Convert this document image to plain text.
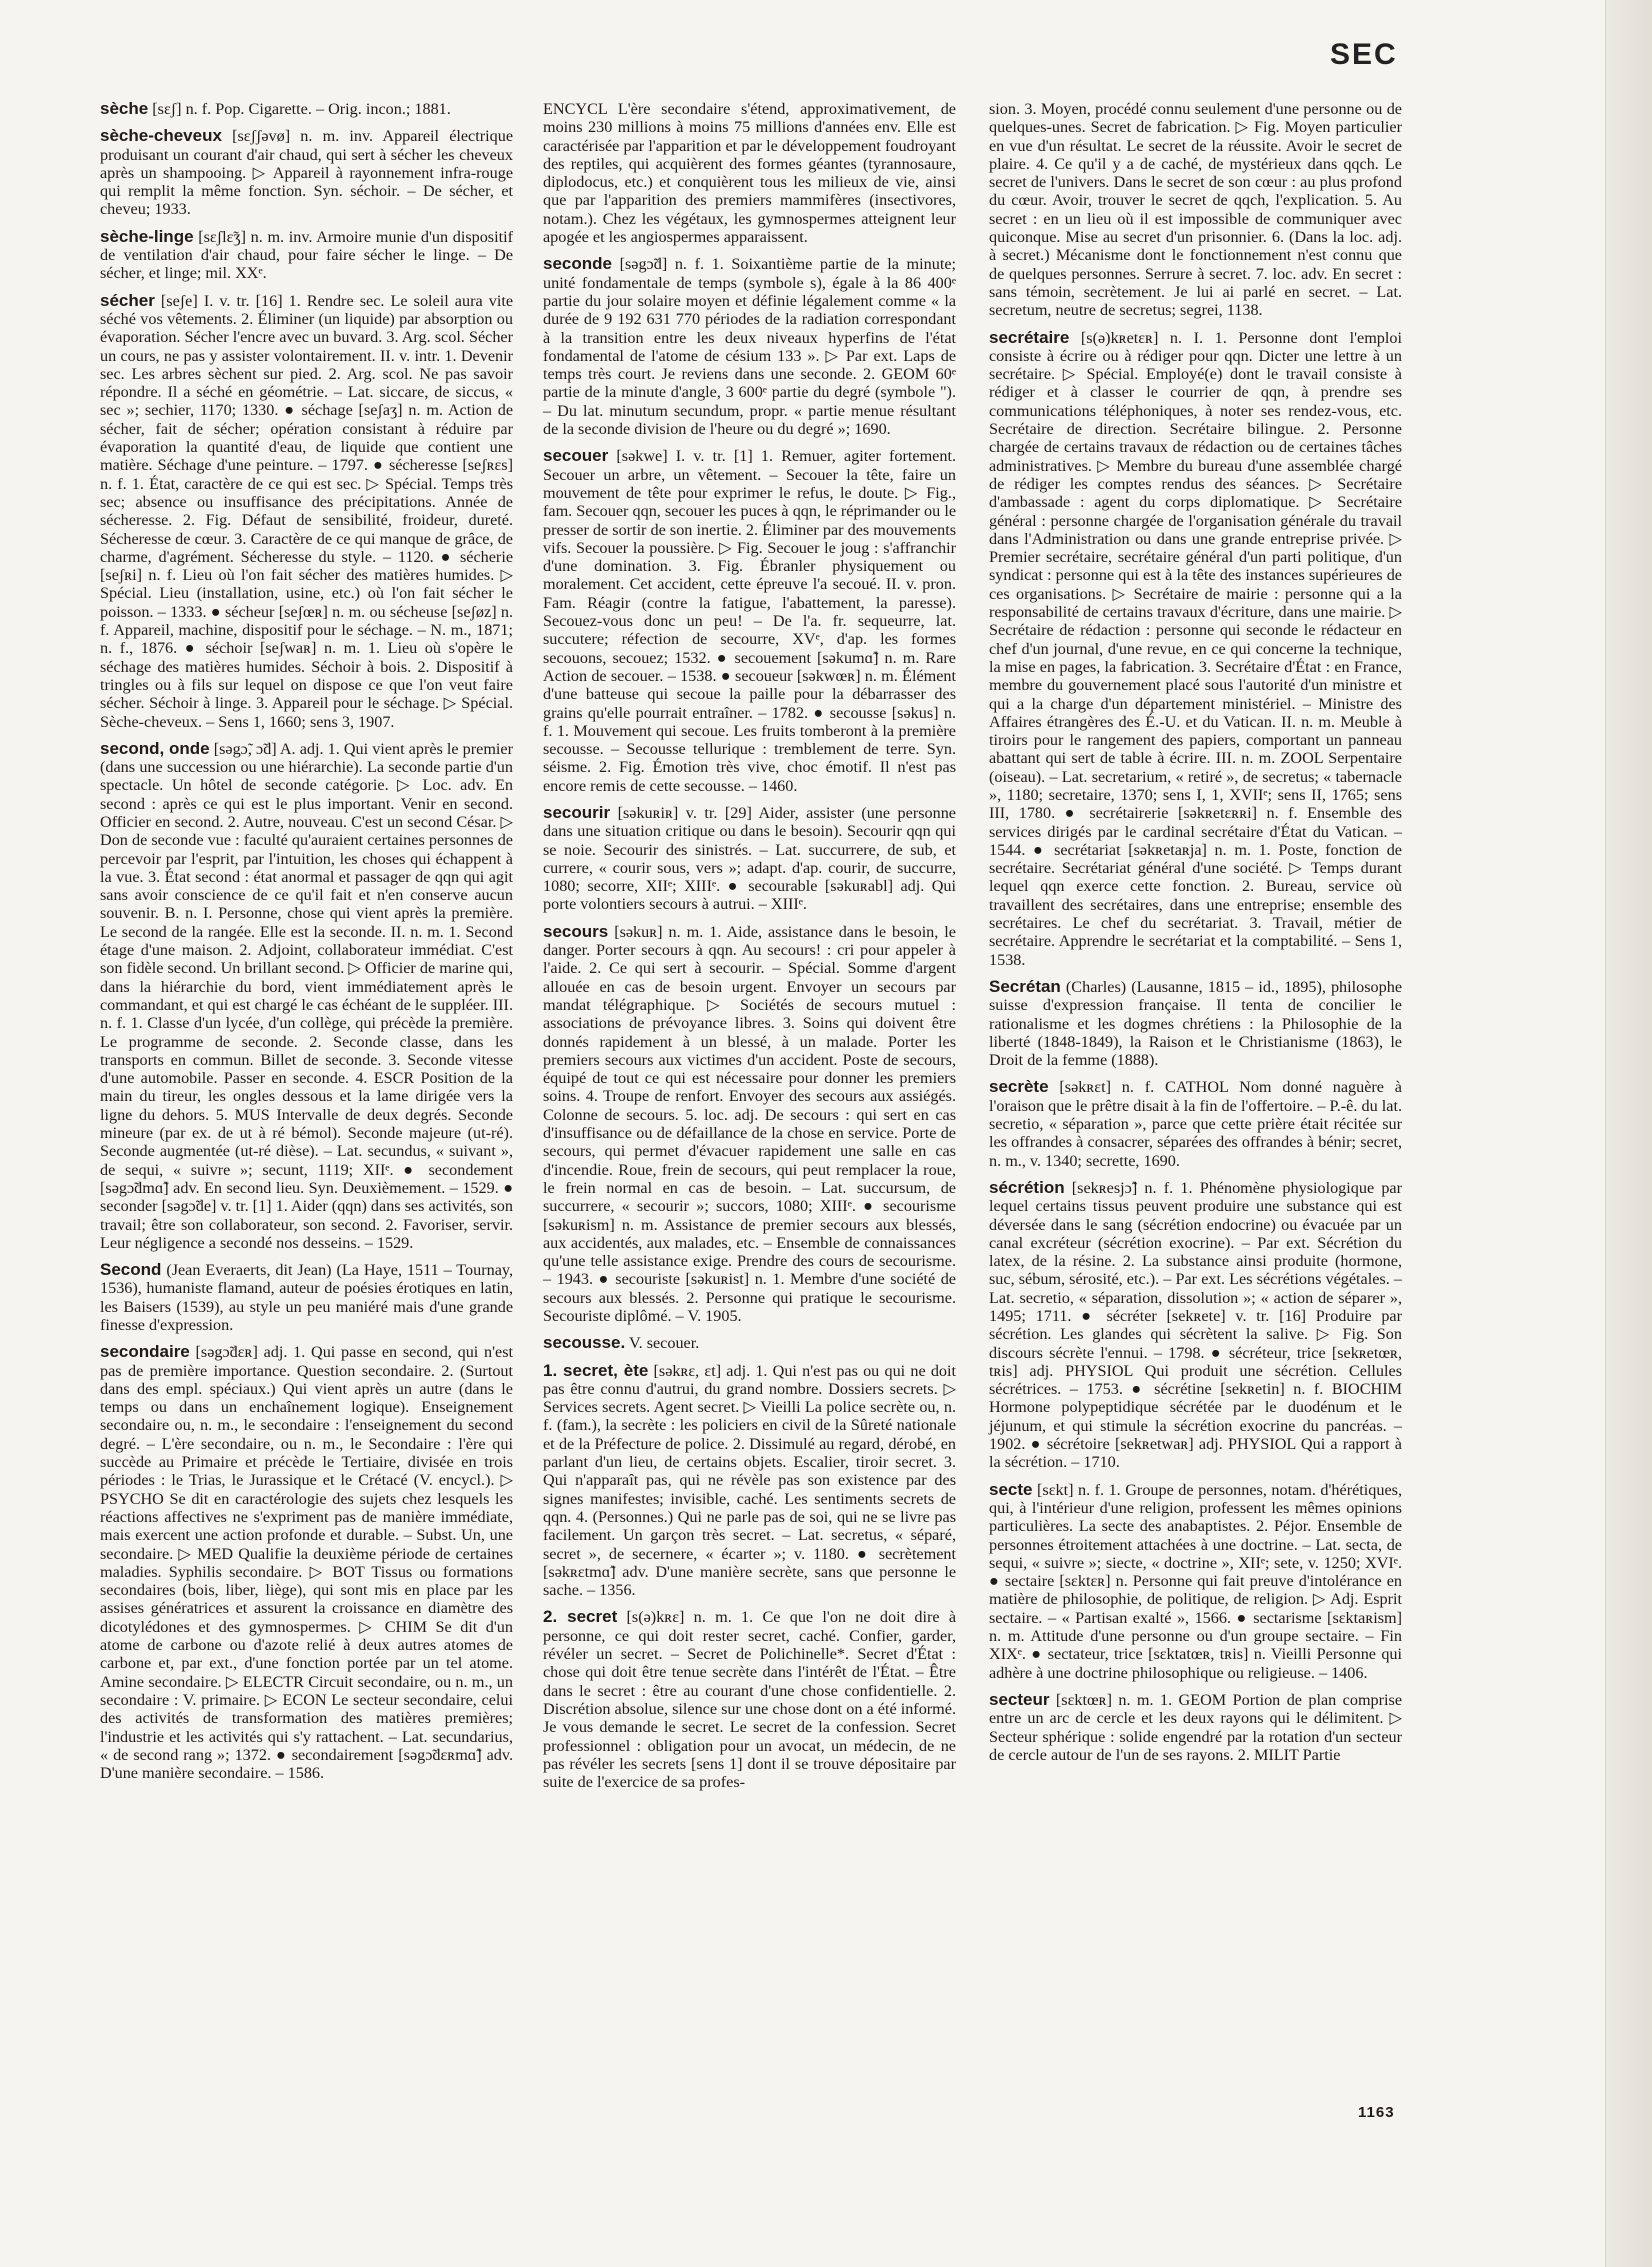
SEC

sèche [sɛʃ] n. f. Pop. Cigarette. – Orig. incon.; 1881.

sèche-cheveux [sɛʃʃəvø] n. m. inv. Appareil électrique produisant un courant d'air chaud, qui sert à sécher les cheveux après un shampooing. ▷ Appareil à rayonnement infra-rouge qui remplit la même fonction. Syn. séchoir. – De sécher, et cheveu; 1933.

sèche-linge [sɛʃlɛ̃ʒ] n. m. inv. Armoire munie d'un dispositif de ventilation d'air chaud, pour faire sécher le linge. – De sécher, et linge; mil. XXᵉ.

sécher [seʃe] I. v. tr. [16] 1. Rendre sec. Le soleil aura vite séché vos vêtements. 2. Éliminer (un liquide) par absorption ou évaporation. Sécher l'encre avec un buvard. 3. Arg. scol. Sécher un cours, ne pas y assister volontairement. II. v. intr. 1. Devenir sec. Les arbres sèchent sur pied. 2. Arg. scol. Ne pas savoir répondre. Il a séché en géométrie. – Lat. siccare, de siccus, « sec »; sechier, 1170; 1330. ● séchage [seʃaʒ] n. m. Action de sécher, fait de sécher; opération consistant à réduire par évaporation la quantité d'eau, de liquide que contient une matière. Séchage d'une peinture. – 1797. ● sécheresse [seʃʀɛs] n. f. 1. État, caractère de ce qui est sec. ▷ Spécial. Temps très sec; absence ou insuffisance des précipitations. Année de sécheresse. 2. Fig. Défaut de sensibilité, froideur, dureté. Sécheresse de cœur. 3. Caractère de ce qui manque de grâce, de charme, d'agrément. Sécheresse du style. – 1120. ● sécherie [seʃʀi] n. f. Lieu où l'on fait sécher des matières humides. ▷ Spécial. Lieu (installation, usine, etc.) où l'on fait sécher le poisson. – 1333. ● sécheur [seʃœʀ] n. m. ou sécheuse [seʃøz] n. f. Appareil, machine, dispositif pour le séchage. – N. m., 1871; n. f., 1876. ● séchoir [seʃwaʀ] n. m. 1. Lieu où s'opère le séchage des matières humides. Séchoir à bois. 2. Dispositif à tringles ou à fils sur lequel on dispose ce que l'on veut faire sécher. Séchoir à linge. 3. Appareil pour le séchage. ▷ Spécial. Sèche-cheveux. – Sens 1, 1660; sens 3, 1907.

second, onde [səgɔ̃, ɔ̃d] A. adj. 1. Qui vient après le premier (dans une succession ou une hiérarchie). La seconde partie d'un spectacle. Un hôtel de seconde catégorie. ▷ Loc. adv. En second : après ce qui est le plus important. Venir en second. Officier en second. 2. Autre, nouveau. C'est un second César. ▷ Don de seconde vue : faculté qu'auraient certaines personnes de percevoir par l'esprit, par l'intuition, les choses qui échappent à la vue. 3. État second : état anormal et passager de qqn qui agit sans avoir conscience de ce qu'il fait et n'en conserve aucun souvenir. B. n. I. Personne, chose qui vient après la première. Le second de la rangée. Elle est la seconde. II. n. m. 1. Second étage d'une maison. 2. Adjoint, collaborateur immédiat. C'est son fidèle second. Un brillant second. ▷ Officier de marine qui, dans la hiérarchie du bord, vient immédiatement après le commandant, et qui est chargé le cas échéant de le suppléer. III. n. f. 1. Classe d'un lycée, d'un collège, qui précède la première. Le programme de seconde. 2. Seconde classe, dans les transports en commun. Billet de seconde. 3. Seconde vitesse d'une automobile. Passer en seconde. 4. ESCR Position de la main du tireur, les ongles dessous et la lame dirigée vers la ligne du dehors. 5. MUS Intervalle de deux degrés. Seconde mineure (par ex. de ut à ré bémol). Seconde majeure (ut-ré). Seconde augmentée (ut-ré dièse). – Lat. secundus, « suivant », de sequi, « suivre »; secunt, 1119; XIIᵉ. ● secondement [səgɔ̃dmɑ̃] adv. En second lieu. Syn. Deuxièmement. – 1529. ● seconder [səgɔ̃de] v. tr. [1] 1. Aider (qqn) dans ses activités, son travail; être son collaborateur, son second. 2. Favoriser, servir. Leur négligence a secondé nos desseins. – 1529.

Second (Jean Everaerts, dit Jean) (La Haye, 1511 – Tournay, 1536), humaniste flamand, auteur de poésies érotiques en latin, les Baisers (1539), au style un peu maniéré mais d'une grande finesse d'expression.

secondaire [səgɔ̃dɛʀ] adj. 1. Qui passe en second, qui n'est pas de première importance. Question secondaire. 2. (Surtout dans des empl. spéciaux.) Qui vient après un autre (dans le temps ou dans un enchaînement logique). Enseignement secondaire ou, n. m., le secondaire : l'enseignement du second degré. – L'ère secondaire, ou n. m., le Secondaire : l'ère qui succède au Primaire et précède le Tertiaire, divisée en trois périodes : le Trias, le Jurassique et le Crétacé (V. encycl.). ▷ PSYCHO Se dit en caractérologie des sujets chez lesquels les réactions affectives ne s'expriment pas de manière immédiate, mais exercent une action profonde et durable. – Subst. Un, une secondaire. ▷ MED Qualifie la deuxième période de certaines maladies. Syphilis secondaire. ▷ BOT Tissus ou formations secondaires (bois, liber, liège), qui sont mis en place par les assises génératrices et assurent la croissance en diamètre des dicotylédones et des gymnospermes. ▷ CHIM Se dit d'un atome de carbone ou d'azote relié à deux autres atomes de carbone et, par ext., d'une fonction portée par un tel atome. Amine secondaire. ▷ ELECTR Circuit secondaire, ou n. m., un secondaire : V. primaire. ▷ ECON Le secteur secondaire, celui des activités de transformation des matières premières; l'industrie et les activités qui s'y rattachent. – Lat. secundarius, « de second rang »; 1372. ● secondairement [səgɔ̃dɛʀmɑ̃] adv. D'une manière secondaire. – 1586.

ENCYCL L'ère secondaire s'étend, approximativement, de moins 230 millions à moins 75 millions d'années env. Elle est caractérisée par l'apparition et par le développement foudroyant des reptiles, qui acquièrent des formes géantes (tyrannosaure, diplodocus, etc.) et conquièrent tous les milieux de vie, ainsi que par l'apparition des premiers mammifères (insectivores, notam.). Chez les végétaux, les gymnospermes atteignent leur apogée et les angiospermes apparaissent.

seconde [səgɔ̃d] n. f. 1. Soixantième partie de la minute; unité fondamentale de temps (symbole s), égale à la 86 400ᵉ partie du jour solaire moyen et définie légalement comme « la durée de 9 192 631 770 périodes de la radiation correspondant à la transition entre les deux niveaux hyperfins de l'état fondamental de l'atome de césium 133 ». ▷ Par ext. Laps de temps très court. Je reviens dans une seconde. 2. GEOM 60ᵉ partie de la minute d'angle, 3 600ᵉ partie du degré (symbole "). – Du lat. minutum secundum, propr. « partie menue résultant de la seconde division de l'heure ou du degré »; 1690.

secouer [səkwe] I. v. tr. [1] 1. Remuer, agiter fortement. Secouer un arbre, un vêtement. – Secouer la tête, faire un mouvement de tête pour exprimer le refus, le doute. ▷ Fig., fam. Secouer qqn, secouer les puces à qqn, le réprimander ou le presser de sortir de son inertie. 2. Éliminer par des mouvements vifs. Secouer la poussière. ▷ Fig. Secouer le joug : s'affranchir d'une domination. 3. Fig. Ébranler physiquement ou moralement. Cet accident, cette épreuve l'a secoué. II. v. pron. Fam. Réagir (contre la fatigue, l'abattement, la paresse). Secouez-vous donc un peu! – De l'a. fr. sequeurre, lat. succutere; réfection de secourre, XVᵉ, d'ap. les formes secouons, secouez; 1532. ● secouement [səkumɑ̃] n. m. Rare Action de secouer. – 1538. ● secoueur [səkwœʀ] n. m. Élément d'une batteuse qui secoue la paille pour la débarrasser des grains qu'elle pourrait entraîner. – 1782. ● secousse [səkus] n. f. 1. Mouvement qui secoue. Les fruits tomberont à la première secousse. – Secousse tellurique : tremblement de terre. Syn. séisme. 2. Fig. Émotion très vive, choc émotif. Il n'est pas encore remis de cette secousse. – 1460.

secourir [səkuʀiʀ] v. tr. [29] Aider, assister (une personne dans une situation critique ou dans le besoin). Secourir qqn qui se noie. Secourir des sinistrés. – Lat. succurrere, de sub, et currere, « courir sous, vers »; adapt. d'ap. courir, de succurre, 1080; secorre, XIIᵉ; XIIIᵉ. ● secourable [səkuʀabl] adj. Qui porte volontiers secours à autrui. – XIIIᵉ.

secours [səkuʀ] n. m. 1. Aide, assistance dans le besoin, le danger. Porter secours à qqn. Au secours! : cri pour appeler à l'aide. 2. Ce qui sert à secourir. – Spécial. Somme d'argent allouée en cas de besoin urgent. Envoyer un secours par mandat télégraphique. ▷ Sociétés de secours mutuel : associations de prévoyance libres. 3. Soins qui doivent être donnés rapidement à un blessé, à un malade. Porter les premiers secours aux victimes d'un accident. Poste de secours, équipé de tout ce qui est nécessaire pour donner les premiers soins. 4. Troupe de renfort. Envoyer des secours aux assiégés. Colonne de secours. 5. loc. adj. De secours : qui sert en cas d'insuffisance ou de défaillance de la chose en service. Porte de secours, qui permet d'évacuer rapidement une salle en cas d'incendie. Roue, frein de secours, qui peut remplacer la roue, le frein normal en cas de besoin. – Lat. succursum, de succurrere, « secourir »; succors, 1080; XIIIᵉ. ● secourisme [səkuʀism] n. m. Assistance de premier secours aux blessés, aux accidentés, aux malades, etc. – Ensemble de connaissances qu'une telle assistance exige. Prendre des cours de secourisme. – 1943. ● secouriste [səkuʀist] n. 1. Membre d'une société de secours aux blessés. 2. Personne qui pratique le secourisme. Secouriste diplômé. – V. 1905.

secousse. V. secouer.

1. secret, ète [səkʀɛ, ɛt] adj. 1. Qui n'est pas ou qui ne doit pas être connu d'autrui, du grand nombre. Dossiers secrets. ▷ Services secrets. Agent secret. ▷ Vieilli La police secrète ou, n. f. (fam.), la secrète : les policiers en civil de la Sûreté nationale et de la Préfecture de police. 2. Dissimulé au regard, dérobé, en parlant d'un lieu, de certains objets. Escalier, tiroir secret. 3. Qui n'apparaît pas, qui ne révèle pas son existence par des signes manifestes; invisible, caché. Les sentiments secrets de qqn. 4. (Personnes.) Qui ne parle pas de soi, qui ne se livre pas facilement. Un garçon très secret. – Lat. secretus, « séparé, secret », de secernere, « écarter »; v. 1180. ● secrètement [səkʀɛtmɑ̃] adv. D'une manière secrète, sans que personne le sache. – 1356.

2. secret [s(ə)kʀɛ] n. m. 1. Ce que l'on ne doit dire à personne, ce qui doit rester secret, caché. Confier, garder, révéler un secret. – Secret de Polichinelle*. Secret d'État : chose qui doit être tenue secrète dans l'intérêt de l'État. – Être dans le secret : être au courant d'une chose confidentielle. 2. Discrétion absolue, silence sur une chose dont on a été informé. Je vous demande le secret. Le secret de la confession. Secret professionnel : obligation pour un avocat, un médecin, de ne pas révéler les secrets [sens 1] dont il se trouve dépositaire par suite de l'exercice de sa profes-

sion. 3. Moyen, procédé connu seulement d'une personne ou de quelques-unes. Secret de fabrication. ▷ Fig. Moyen particulier en vue d'un résultat. Le secret de la réussite. Avoir le secret de plaire. 4. Ce qu'il y a de caché, de mystérieux dans qqch. Le secret de l'univers. Dans le secret de son cœur : au plus profond du cœur. Avoir, trouver le secret de qqch, l'explication. 5. Au secret : en un lieu où il est impossible de communiquer avec quiconque. Mise au secret d'un prisonnier. 6. (Dans la loc. adj. à secret.) Mécanisme dont le fonctionnement n'est connu que de quelques personnes. Serrure à secret. 7. loc. adv. En secret : sans témoin, secrètement. Je lui ai parlé en secret. – Lat. secretum, neutre de secretus; segrei, 1138.

secrétaire [s(ə)kʀetɛʀ] n. I. 1. Personne dont l'emploi consiste à écrire ou à rédiger pour qqn. Dicter une lettre à un secrétaire. ▷ Spécial. Employé(e) dont le travail consiste à rédiger et à classer le courrier de qqn, à prendre ses communications téléphoniques, à noter ses rendez-vous, etc. Secrétaire de direction. Secrétaire bilingue. 2. Personne chargée de certains travaux de rédaction ou de certaines tâches administratives. ▷ Membre du bureau d'une assemblée chargé de rédiger les comptes rendus des séances. ▷ Secrétaire d'ambassade : agent du corps diplomatique. ▷ Secrétaire général : personne chargée de l'organisation générale du travail dans l'Administration ou dans une grande entreprise privée. ▷ Premier secrétaire, secrétaire général d'un parti politique, d'un syndicat : personne qui est à la tête des instances supérieures de ces organisations. ▷ Secrétaire de mairie : personne qui a la responsabilité de certains travaux d'écriture, dans une mairie. ▷ Secrétaire de rédaction : personne qui seconde le rédacteur en chef d'un journal, d'une revue, en ce qui concerne la technique, la mise en pages, la fabrication. 3. Secrétaire d'État : en France, membre du gouvernement placé sous l'autorité d'un ministre et qui a la charge d'un département ministériel. – Ministre des Affaires étrangères des É.-U. et du Vatican. II. n. m. Meuble à tiroirs pour le rangement des papiers, comportant un panneau abattant qui sert de table à écrire. III. n. m. ZOOL Serpentaire (oiseau). – Lat. secretarium, « retiré », de secretus; « tabernacle », 1180; secretaire, 1370; sens I, 1, XVIIᵉ; sens II, 1765; sens III, 1780. ● secrétairerie [səkʀetɛʀʀi] n. f. Ensemble des services dirigés par le cardinal secrétaire d'État du Vatican. – 1544. ● secrétariat [səkʀetaʀja] n. m. 1. Poste, fonction de secrétaire. Secrétariat général d'une société. ▷ Temps durant lequel qqn exerce cette fonction. 2. Bureau, service où travaillent des secrétaires, dans une entreprise; ensemble des secrétaires. Le chef du secrétariat. 3. Travail, métier de secrétaire. Apprendre le secrétariat et la comptabilité. – Sens 1, 1538.

Secrétan (Charles) (Lausanne, 1815 – id., 1895), philosophe suisse d'expression française. Il tenta de concilier le rationalisme et les dogmes chrétiens : la Philosophie de la liberté (1848-1849), la Raison et le Christianisme (1863), le Droit de la femme (1888).

secrète [səkʀɛt] n. f. CATHOL Nom donné naguère à l'oraison que le prêtre disait à la fin de l'offertoire. – P.-ê. du lat. secretio, « séparation », parce que cette prière était récitée sur les offrandes à consacrer, séparées des offrandes à bénir; secret, n. m., v. 1340; secrette, 1690.

sécrétion [sekʀesjɔ̃] n. f. 1. Phénomène physiologique par lequel certains tissus peuvent produire une substance qui est déversée dans le sang (sécrétion endocrine) ou évacuée par un canal excréteur (sécrétion exocrine). – Par ext. Sécrétion du latex, de la résine. 2. La substance ainsi produite (hormone, suc, sébum, sérosité, etc.). – Par ext. Les sécrétions végétales. – Lat. secretio, « séparation, dissolution »; « action de séparer », 1495; 1711. ● sécréter [sekʀete] v. tr. [16] Produire par sécrétion. Les glandes qui sécrètent la salive. ▷ Fig. Son discours sécrète l'ennui. – 1798. ● sécréteur, trice [sekʀetœʀ, tʀis] adj. PHYSIOL Qui produit une sécrétion. Cellules sécrétrices. – 1753. ● sécrétine [sekʀetin] n. f. BIOCHIM Hormone polypeptidique sécrétée par le duodénum et le jéjunum, et qui stimule la sécrétion exocrine du pancréas. – 1902. ● sécrétoire [sekʀetwaʀ] adj. PHYSIOL Qui a rapport à la sécrétion. – 1710.

secte [sɛkt] n. f. 1. Groupe de personnes, notam. d'hérétiques, qui, à l'intérieur d'une religion, professent les mêmes opinions particulières. La secte des anabaptistes. 2. Péjor. Ensemble de personnes étroitement attachées à une doctrine. – Lat. secta, de sequi, « suivre »; siecte, « doctrine », XIIᵉ; sete, v. 1250; XVIᵉ. ● sectaire [sɛktɛʀ] n. Personne qui fait preuve d'intolérance en matière de philosophie, de politique, de religion. ▷ Adj. Esprit sectaire. – « Partisan exalté », 1566. ● sectarisme [sɛktaʀism] n. m. Attitude d'une personne ou d'un groupe sectaire. – Fin XIXᵉ. ● sectateur, trice [sɛktatœʀ, tʀis] n. Vieilli Personne qui adhère à une doctrine philosophique ou religieuse. – 1406.

secteur [sɛktœʀ] n. m. 1. GEOM Portion de plan comprise entre un arc de cercle et les deux rayons qui le délimitent. ▷ Secteur sphérique : solide engendré par la rotation d'un secteur de cercle autour de l'un de ses rayons. 2. MILIT Partie

1163
